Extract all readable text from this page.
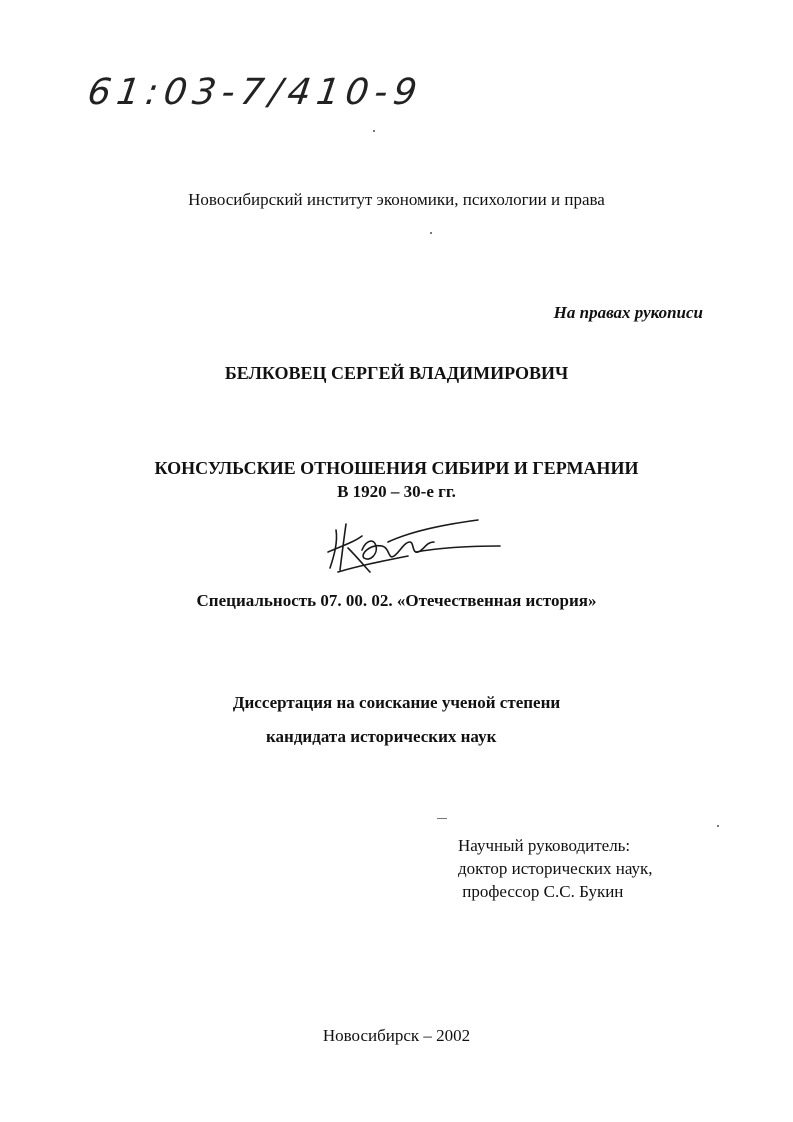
61:03-7/410-9
Новосибирский институт экономики, психологии и права
На правах рукописи
БЕЛКОВЕЦ СЕРГЕЙ ВЛАДИМИРОВИЧ
КОНСУЛЬСКИЕ ОТНОШЕНИЯ СИБИРИ И ГЕРМАНИИ
В 1920 – 30-е гг.
Специальность 07. 00. 02. «Отечественная история»
Диссертация на соискание ученой степени
кандидата исторических наук
Научный руководитель:
доктор исторических наук,
профессор С.С. Букин
Новосибирск – 2002
